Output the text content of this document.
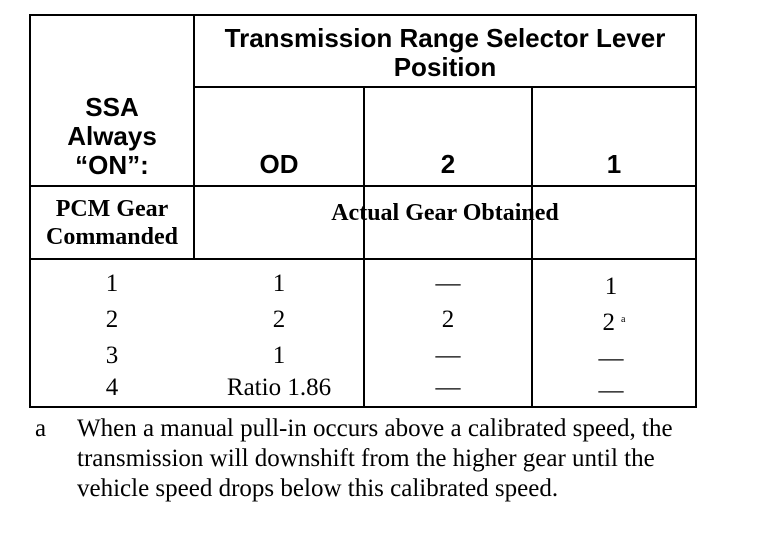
Transmission Range Selector Lever Position
SSA Always “ON”:	OD	2	1
PCM Gear Commanded
Actual Gear Obtained
1	1	—	1
2	2	2	2 $^a$
3	1	—	—
4	Ratio 1.86	—	—
a When a manual pull-in occurs above a calibrated speed, the transmission will downshift from the higher gear until the vehicle speed drops below this calibrated speed.
